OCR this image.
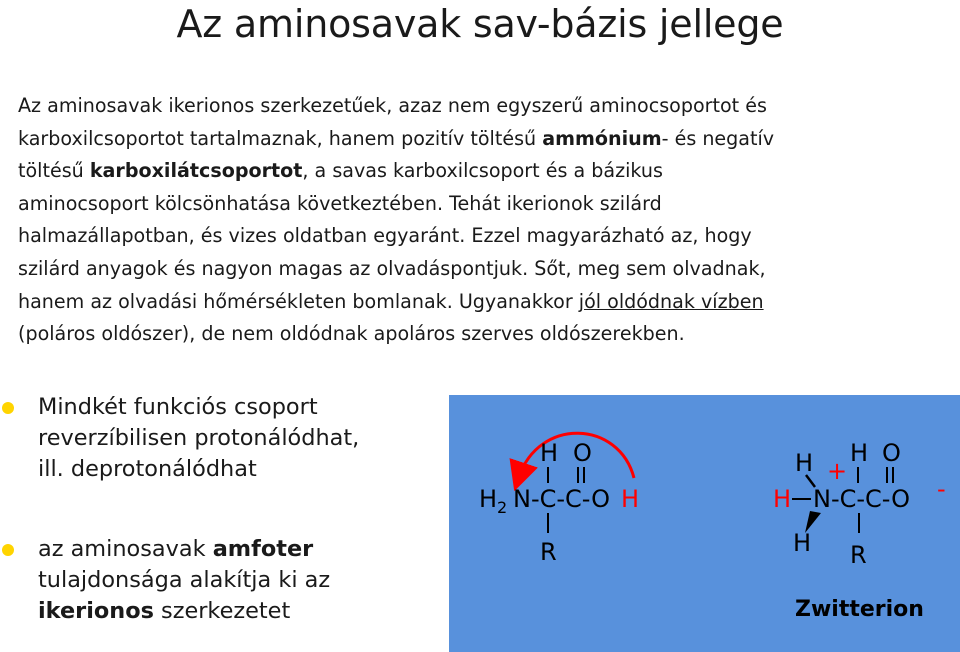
Az aminosavak sav-bázis jellege
Az aminosavak ikerionos szerkezetűek, azaz nem egyszerű aminocsoportot és
karboxilcsoportot tartalmaznak, hanem pozitív töltésű ammónium- és negatív
töltésű karboxilátcsoportot, a savas karboxilcsoport és a bázikus
aminocsoport kölcsönhatása következtében. Tehát ikerionok szilárd
halmazállapotban, és vizes oldatban egyaránt. Ezzel magyarázható az, hogy
szilárd anyagok és nagyon magas az olvadáspontjuk. Sőt, meg sem olvadnak,
hanem az olvadási hőmérsékleten bomlanak. Ugyanakkor jól oldódnak vízben
(poláros oldószer), de nem oldódnak apoláros szerves oldószerekben.
Mindkét funkciós csoport
reverzíbilisen protonálódhat,
ill. deprotonálódhat
az aminosavak amfoter
tulajdonsága alakítja ki az
ikerionos szerkezetet
H O
$H_2$ N-C-C-O H
R
H O
H +
H N-C-C-O -
H R
Zwitterion
